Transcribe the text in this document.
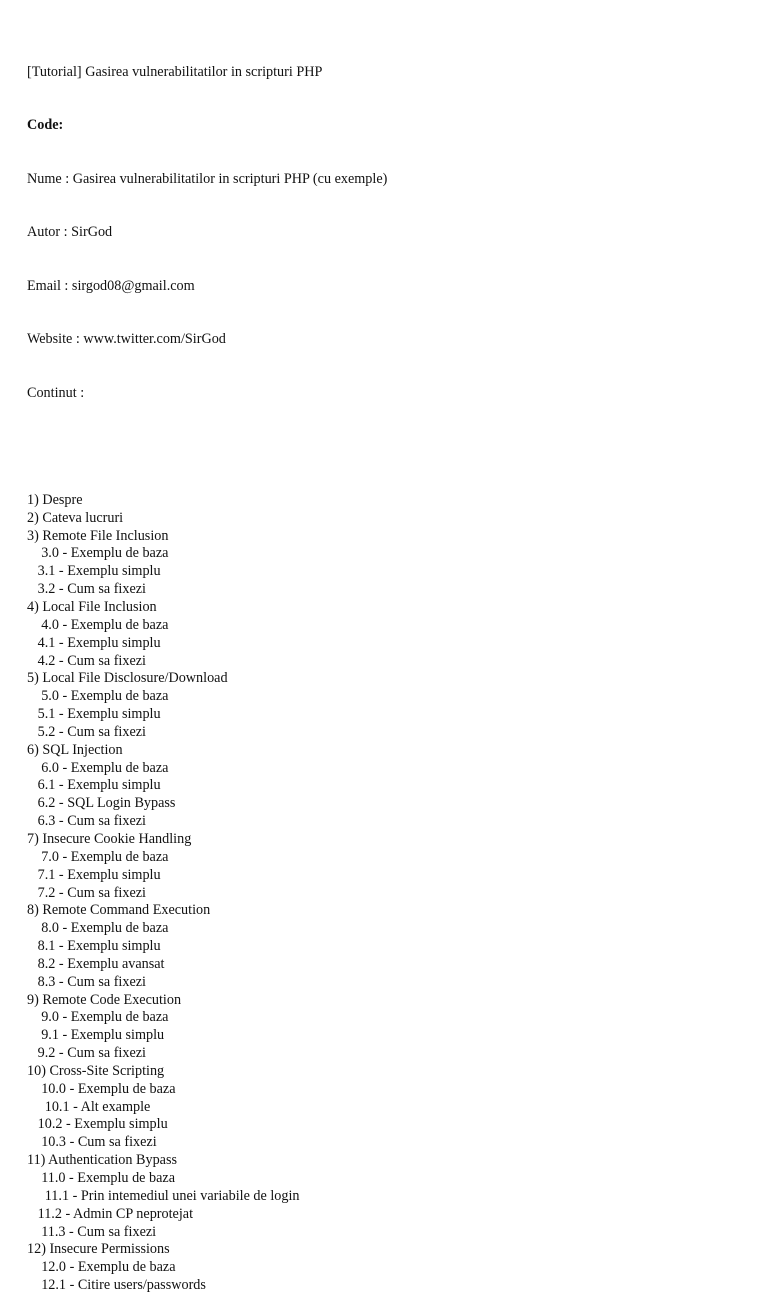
[Tutorial] Gasirea vulnerabilitatilor in scripturi PHP

Code:

Nume : Gasirea vulnerabilitatilor in scripturi PHP (cu exemple)

Autor : SirGod

Email : sirgod08@gmail.com

Website : www.twitter.com/SirGod

Continut :

1) Despre
2) Cateva lucruri
3) Remote File Inclusion
3.0 - Exemplu de baza
3.1 - Exemplu simplu
3.2 - Cum sa fixezi
4) Local File Inclusion
4.0 - Exemplu de baza
4.1 - Exemplu simplu
4.2 - Cum sa fixezi
5) Local File Disclosure/Download
5.0 - Exemplu de baza
5.1 - Exemplu simplu
5.2 - Cum sa fixezi
6) SQL Injection
6.0 - Exemplu de baza
6.1 - Exemplu simplu
6.2 - SQL Login Bypass
6.3 - Cum sa fixezi
7) Insecure Cookie Handling
7.0 - Exemplu de baza
7.1 - Exemplu simplu
7.2 - Cum sa fixezi
8) Remote Command Execution
8.0 - Exemplu de baza
8.1 - Exemplu simplu
8.2 - Exemplu avansat
8.3 - Cum sa fixezi
9) Remote Code Execution
9.0 - Exemplu de baza
9.1 - Exemplu simplu
9.2 - Cum sa fixezi
10) Cross-Site Scripting
10.0 - Exemplu de baza
10.1 - Alt example
10.2 - Exemplu simplu
10.3 - Cum sa fixezi
11) Authentication Bypass
11.0 - Exemplu de baza
11.1 - Prin intemediul unei variabile de login
11.2 - Admin CP neprotejat
11.3 - Cum sa fixezi
12) Insecure Permissions
12.0 - Exemplu de baza
12.1 - Citire users/passwords
